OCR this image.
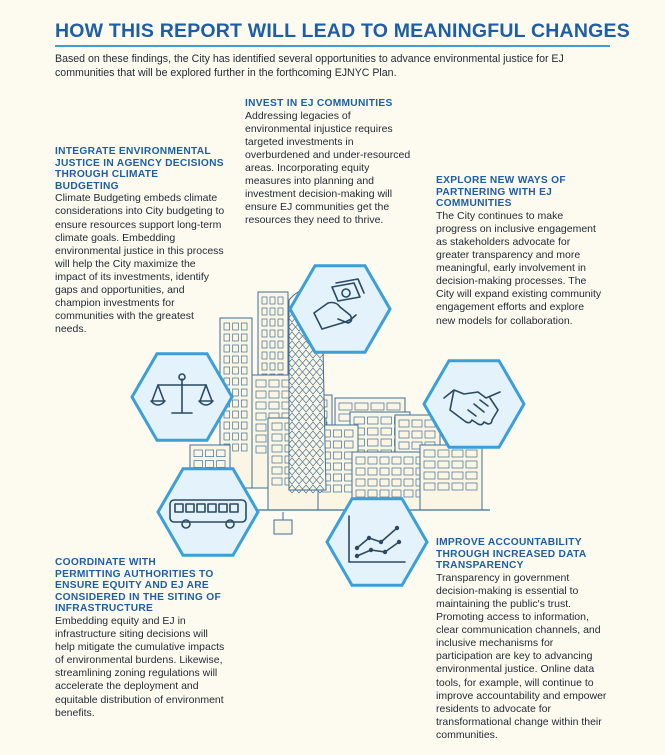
HOW THIS REPORT WILL LEAD TO MEANINGFUL CHANGES
Based on these findings, the City has identified several opportunities to advance environmental justice for EJ communities that will be explored further in the forthcoming EJNYC Plan.
INVEST IN EJ COMMUNITIES

Addressing legacies of environmental injustice requires targeted investments in overburdened and under-resourced areas. Incorporating equity measures into planning and investment decision-making will ensure EJ communities get the resources they need to thrive.

INTEGRATE ENVIRONMENTAL JUSTICE IN AGENCY DECISIONS THROUGH CLIMATE BUDGETING

Climate Budgeting embeds climate considerations into City budgeting to ensure resources support long-term climate goals. Embedding environmental justice in this process will help the City maximize the impact of its investments, identify gaps and opportunities, and champion investments for communities with the greatest needs.

EXPLORE NEW WAYS OF PARTNERING WITH EJ COMMUNITIES

The City continues to make progress on inclusive engagement as stakeholders advocate for greater transparency and more meaningful, early involvement in decision-making processes. The City will expand existing community engagement efforts and explore new models for collaboration.

COORDINATE WITH PERMITTING AUTHORITIES TO ENSURE EQUITY AND EJ ARE CONSIDERED IN THE SITING OF INFRASTRUCTURE

Embedding equity and EJ in infrastructure siting decisions will help mitigate the cumulative impacts of environmental burdens. Likewise, streamlining zoning regulations will accelerate the deployment and equitable distribution of environment benefits.

IMPROVE ACCOUNTABILITY THROUGH INCREASED DATA TRANSPARENCY

Transparency in government decision-making is essential to maintaining the public's trust. Promoting access to information, clear communication channels, and inclusive mechanisms for participation are key to advancing environmental justice. Online data tools, for example, will continue to improve accountability and empower residents to advocate for transformational change within their communities.
